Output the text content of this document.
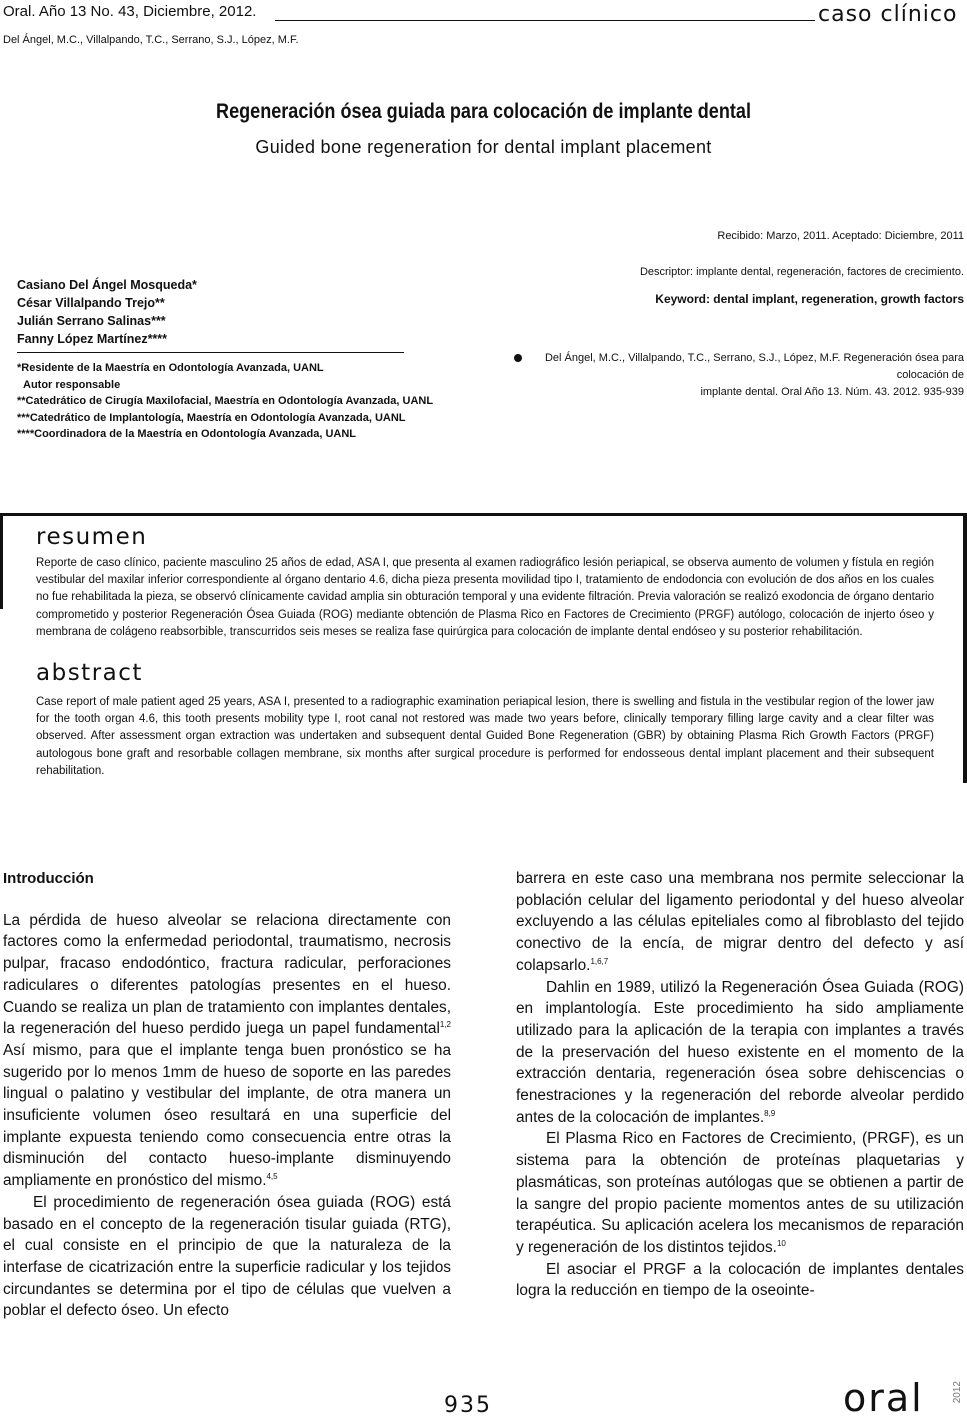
Oral. Año 13 No. 43, Diciembre, 2012.	caso clínico
Del Ángel, M.C., Villalpando, T.C., Serrano, S.J., López, M.F.
Regeneración ósea guiada para colocación de implante dental
Guided bone regeneration for dental implant placement
Recibido: Marzo, 2011. Aceptado: Diciembre, 2011
Casiano Del Ángel Mosqueda*
César Villalpando Trejo**
Julián Serrano Salinas***
Fanny López Martínez****
*Residente de la Maestría en Odontología Avanzada, UANL
Autor responsable
**Catedrático de Cirugía Maxilofacial, Maestría en Odontología Avanzada, UANL
***Catedrático de Implantología, Maestría en Odontología Avanzada, UANL
****Coordinadora de la Maestría en Odontología Avanzada, UANL
Descriptor: implante dental, regeneración, factores de crecimiento.
Keyword: dental implant, regeneration, growth factors
Del Ángel, M.C., Villalpando, T.C., Serrano, S.J., López, M.F. Regeneración ósea para colocación de
implante dental. Oral Año 13. Núm. 43. 2012. 935-939
resumen
Reporte de caso clínico, paciente masculino 25 años de edad, ASA I, que presenta al examen radiográfico lesión periapical, se observa aumento de volumen y fístula en región vestibular del maxilar inferior correspondiente al órgano dentario 4.6, dicha pieza presenta movilidad tipo I, tratamiento de endodoncia con evolución de dos años en los cuales no fue rehabilitada la pieza, se observó clínicamente cavidad amplia sin obturación temporal y una evidente filtración. Previa valoración se realizó exodoncia de órgano dentario comprometido y posterior Regeneración Ósea Guiada (ROG) mediante obtención de Plasma Rico en Factores de Crecimiento (PRGF) autólogo, colocación de injerto óseo y membrana de colágeno reabsorbible, transcurridos seis meses se realiza fase quirúrgica para colocación de implante dental endóseo y su posterior rehabilitación.
abstract
Case report of male patient aged 25 years, ASA I, presented to a radiographic examination periapical lesion, there is swelling and fistula in the vestibular region of the lower jaw for the tooth organ 4.6, this tooth presents mobility type I, root canal not restored was made two years before, clinically temporary filling large cavity and a clear filter was observed. After assessment organ extraction was undertaken and subsequent dental Guided Bone Regeneration (GBR) by obtaining Plasma Rich Growth Factors (PRGF) autologous bone graft and resorbable collagen membrane, six months after surgical procedure is performed for endosseous dental implant placement and their subsequent rehabilitation.
Introducción

La pérdida de hueso alveolar se relaciona directamente con factores como la enfermedad periodontal, traumatismo, necrosis pulpar, fracaso endodóntico, fractura radicular, perforaciones radiculares o diferentes patologías presentes en el hueso. Cuando se realiza un plan de tratamiento con implantes dentales, la regeneración del hueso perdido juega un papel fundamental$^{1,2}$ Así mismo, para que el implante tenga buen pronóstico se ha sugerido por lo menos 1mm de hueso de soporte en las paredes lingual o palatino y vestibular del implante, de otra manera un insuficiente volumen óseo resultará en una superficie del implante expuesta teniendo como consecuencia entre otras la disminución del contacto hueso-implante disminuyendo ampliamente en pronóstico del mismo.$^{4,5}$

El procedimiento de regeneración ósea guiada (ROG) está basado en el concepto de la regeneración tisular guiada (RTG), el cual consiste en el principio de que la naturaleza de la interfase de cicatrización entre la superficie radicular y los tejidos circundantes se determina por el tipo de células que vuelven a poblar el defecto óseo. Un efecto

barrera en este caso una membrana nos permite seleccionar la población celular del ligamento periodontal y del hueso alveolar excluyendo a las células epiteliales como al fibroblasto del tejido conectivo de la encía, de migrar dentro del defecto y así colapsarlo.$^{1,6,7}$

Dahlin en 1989, utilizó la Regeneración Ósea Guiada (ROG) en implantología. Este procedimiento ha sido ampliamente utilizado para la aplicación de la terapia con implantes a través de la preservación del hueso existente en el momento de la extracción dentaria, regeneración ósea sobre dehiscencias o fenestraciones y la regeneración del reborde alveolar perdido antes de la colocación de implantes.$^{8,9}$

El Plasma Rico en Factores de Crecimiento, (PRGF), es un sistema para la obtención de proteínas plaquetarias y plasmáticas, son proteínas autólogas que se obtienen a partir de la sangre del propio paciente momentos antes de su utilización terapéutica. Su aplicación acelera los mecanismos de reparación y regeneración de los distintos tejidos.$^{10}$

El asociar el PRGF a la colocación de implantes dentales logra la reducción en tiempo de la oseointe-

935	oral	2012
